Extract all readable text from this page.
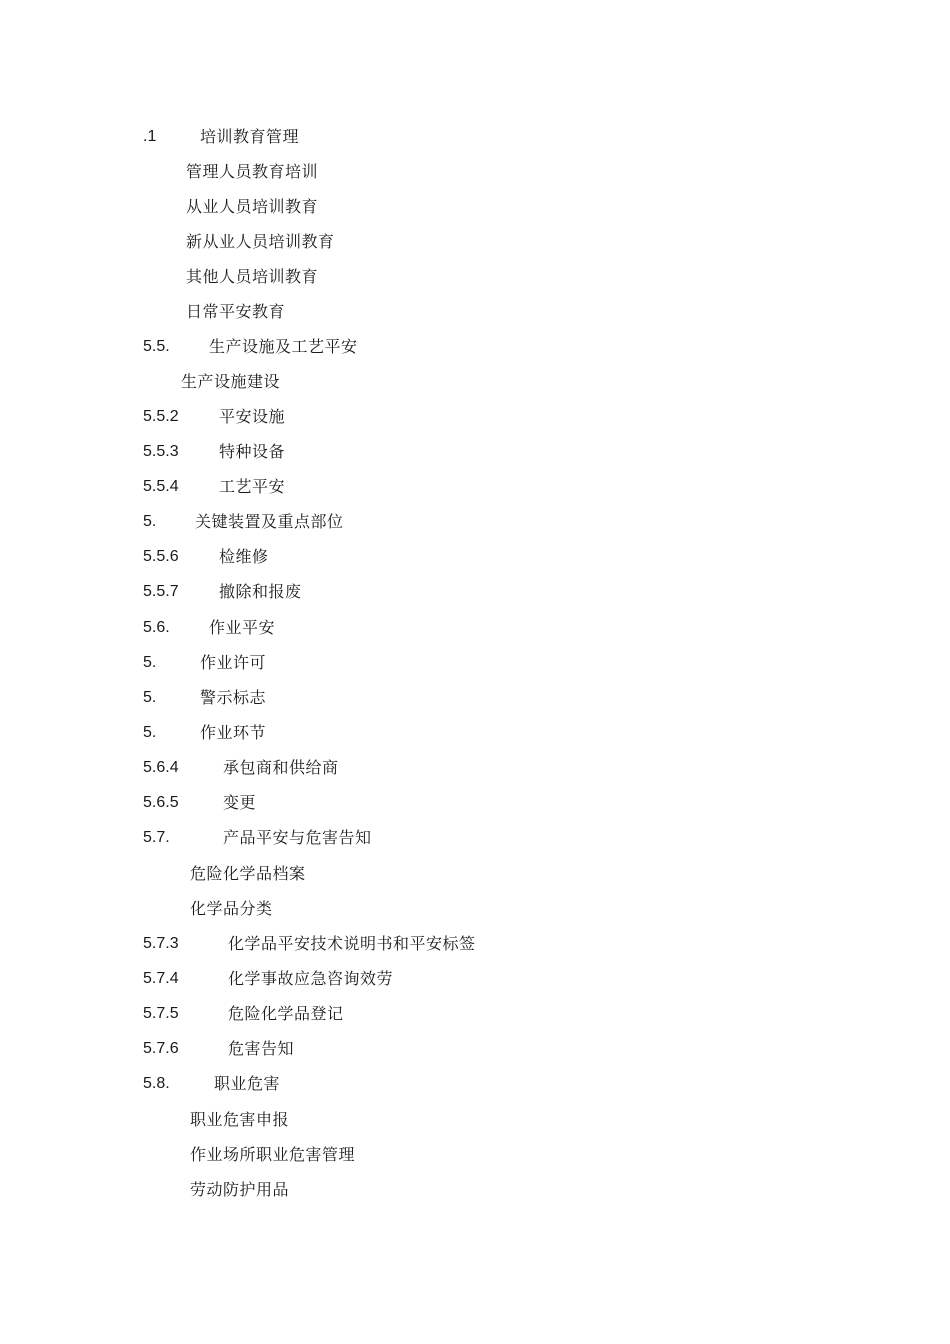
.1	培训教育管理
管理人员教育培训
从业人员培训教育
新从业人员培训教育
其他人员培训教育
日常平安教育
5.5. 生产设施及工艺平安
生产设施建设
5.5.2	平安设施
5.5.3	特种设备
5.5.4	工艺平安
5. 关键装置及重点部位
5.5.6	检维修
5.5.7	撤除和报废
5.6. 作业平安
5.	作业许可
5.	警示标志
5.	作业环节
5.6.4	承包商和供给商
5.6.5	变更
5.7.	产品平安与危害告知
危险化学品档案
化学品分类
5.7.3	化学品平安技术说明书和平安标签
5.7.4	化学事故应急咨询效劳
5.7.5	危险化学品登记
5.7.6	危害告知
5.8.	职业危害
职业危害申报
作业场所职业危害管理
劳动防护用品
